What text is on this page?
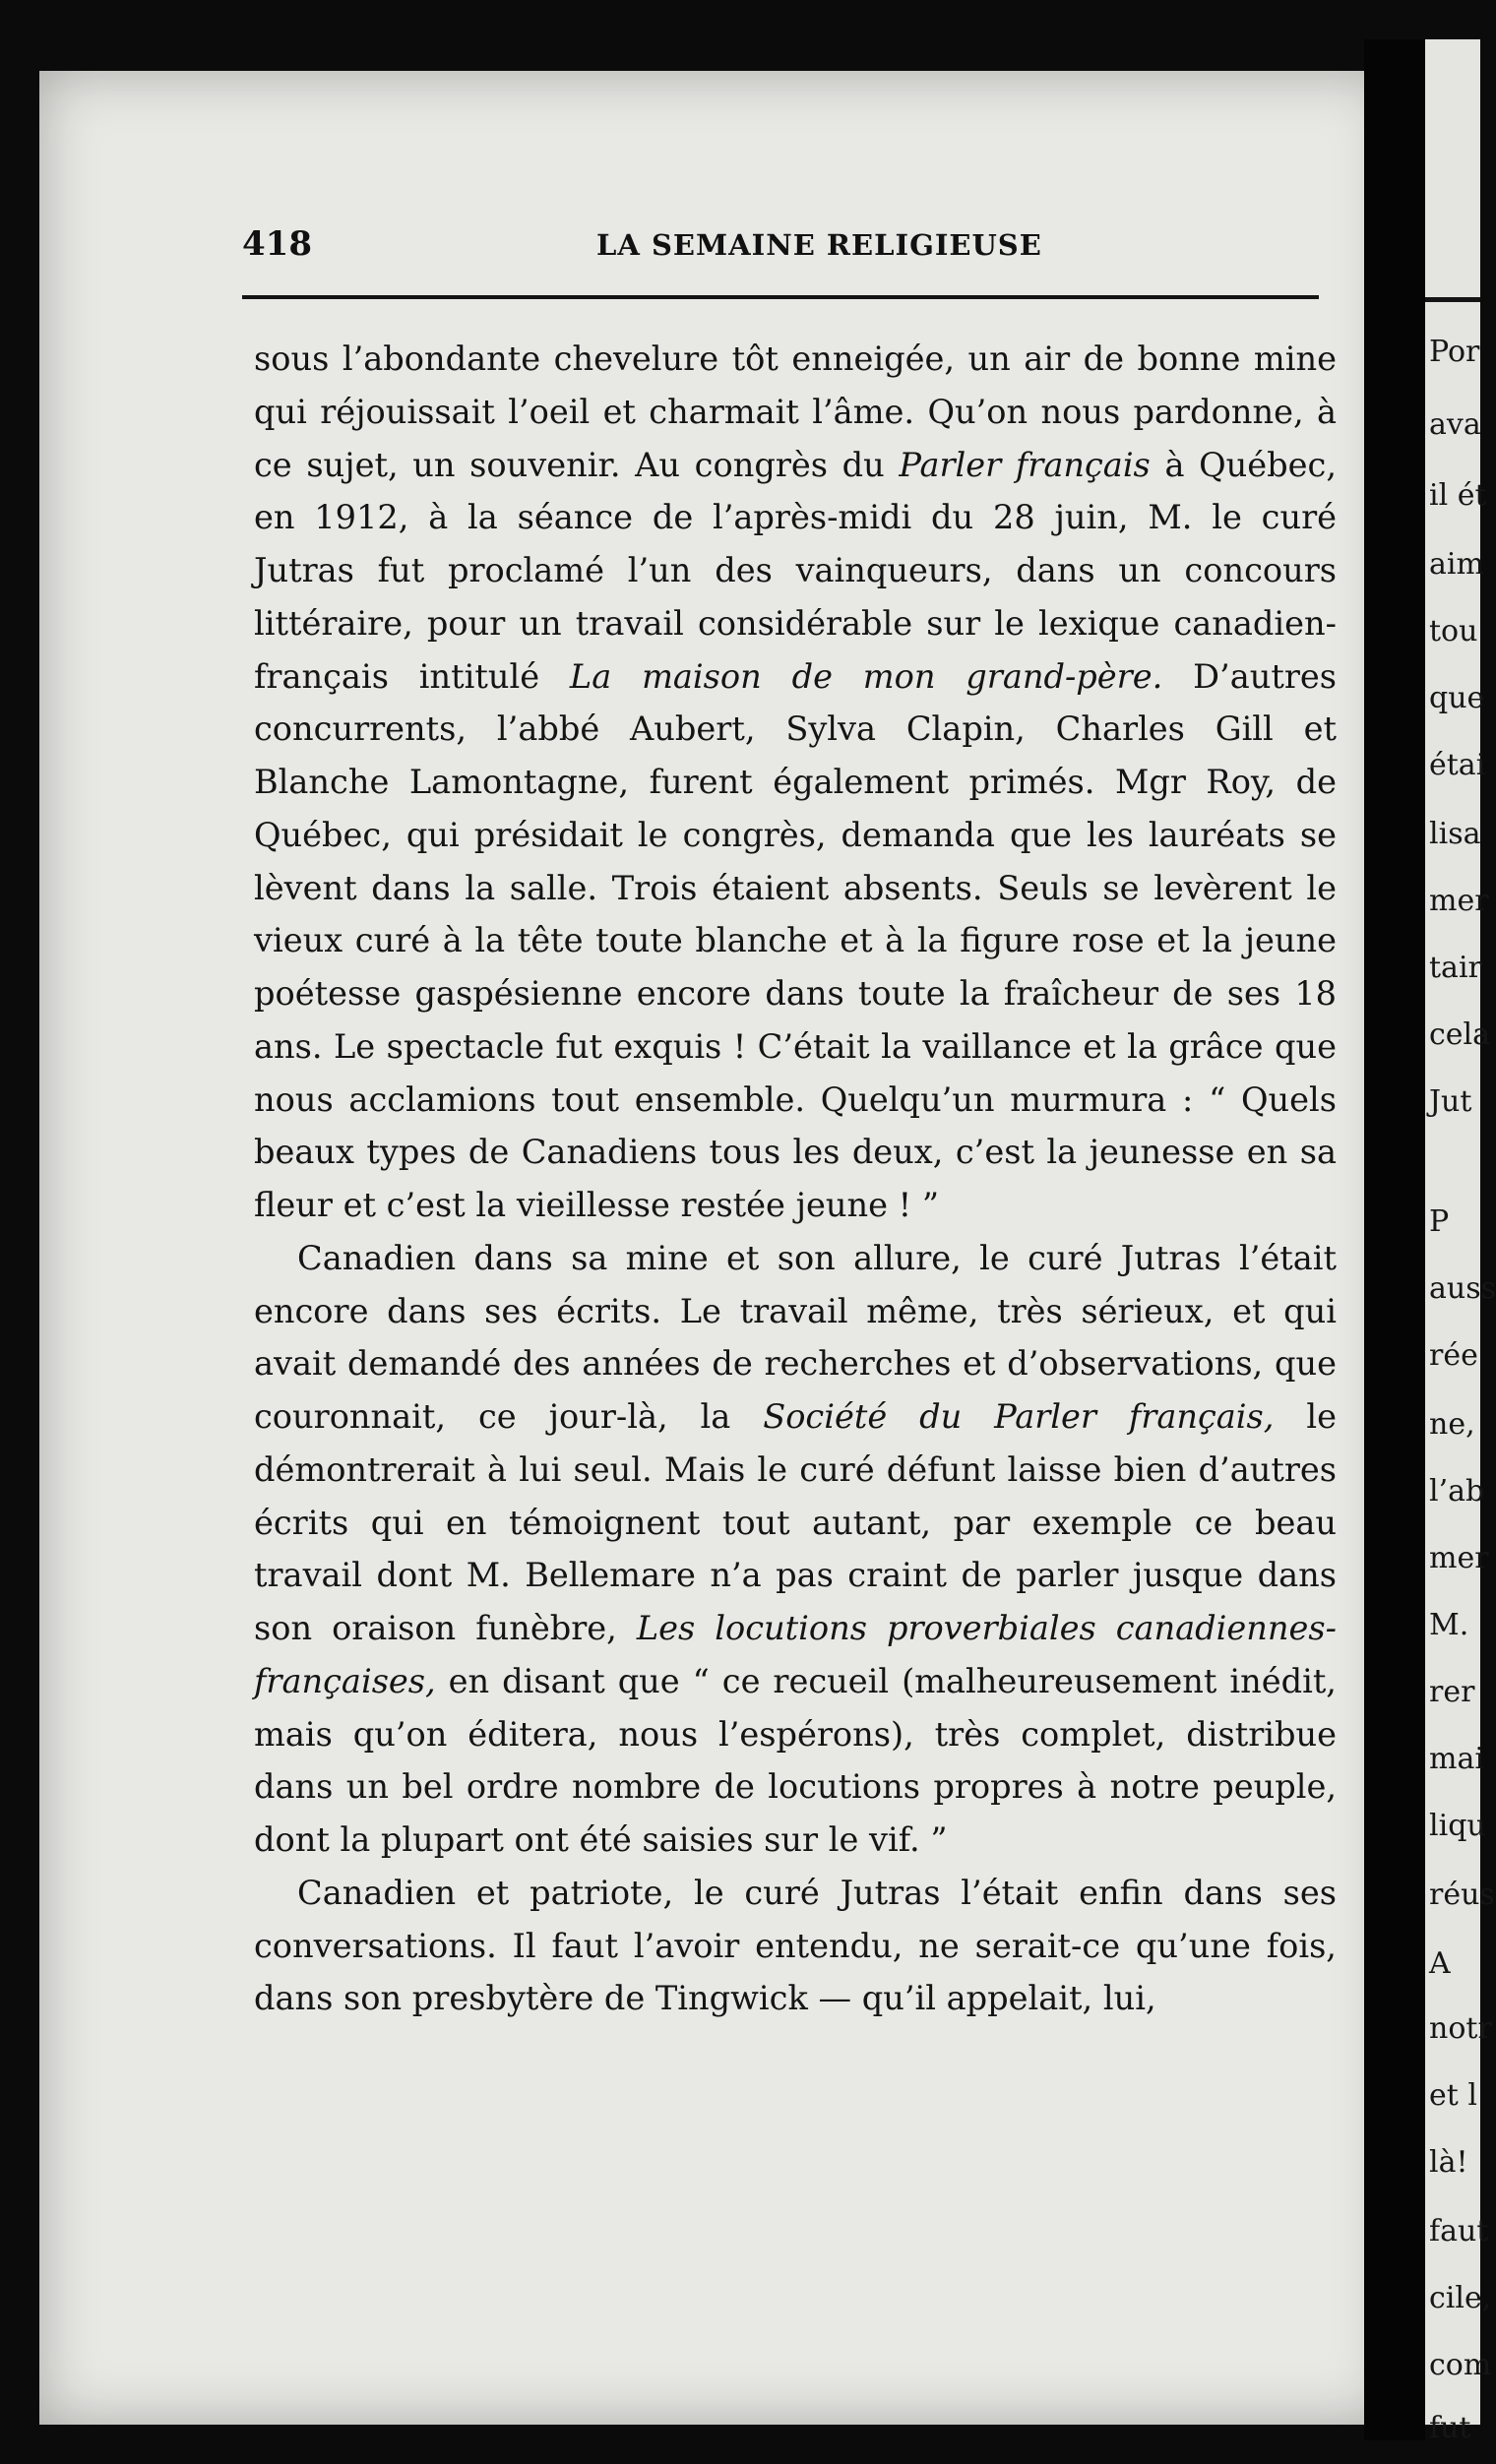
418	LA SEMAINE RELIGIEUSE

sous l’abondante chevelure tôt enneigée, un air de bonne mine qui réjouissait l’oeil et charmait l’âme. Qu’on nous pardonne, à ce sujet, un souvenir. Au congrès du Parler français à Québec, en 1912, à la séance de l’après-midi du 28 juin, M. le curé Jutras fut proclamé l’un des vainqueurs, dans un concours littéraire, pour un travail considérable sur le lexique canadien-français intitulé La maison de mon grand-père. D’autres concurrents, l’abbé Aubert, Sylva Clapin, Charles Gill et Blanche Lamontagne, furent également primés. Mgr Roy, de Québec, qui présidait le congrès, demanda que les lauréats se lèvent dans la salle. Trois étaient absents. Seuls se levèrent le vieux curé à la tête toute blanche et à la figure rose et la jeune poétesse gaspésienne encore dans toute la fraîcheur de ses 18 ans. Le spectacle fut exquis ! C’était la vaillance et la grâce que nous acclamions tout ensemble. Quelqu’un murmura : “ Quels beaux types de Canadiens tous les deux, c’est la jeunesse en sa fleur et c’est la vieillesse restée jeune ! ”

Canadien dans sa mine et son allure, le curé Jutras l’était encore dans ses écrits. Le travail même, très sérieux, et qui avait demandé des années de recherches et d’observations, que couronnait, ce jour-là, la Société du Parler français, le démontrerait à lui seul. Mais le curé défunt laisse bien d’autres écrits qui en témoignent tout autant, par exemple ce beau travail dont M. Bellemare n’a pas craint de parler jusque dans son oraison funèbre, Les locutions proverbiales canadiennes-françaises, en disant que “ ce recueil (malheureusement inédit, mais qu’on éditera, nous l’espérons), très complet, distribue dans un bel ordre nombre de locutions propres à notre peuple, dont la plupart ont été saisies sur le vif. ”

Canadien et patriote, le curé Jutras l’était enfin dans ses conversations. Il faut l’avoir entendu, ne serait-ce qu’une fois, dans son presbytère de Tingwick — qu’il appelait, lui,

Por
ava
il ét
aim
tou
que
étai
lisa
mer
tair
cela
Jut
P
auss
rée
ne,
l’ab
mer
M.
rer
mai
liqu
réus
A
notr
et l
là!
faut
cile,
com
fut
